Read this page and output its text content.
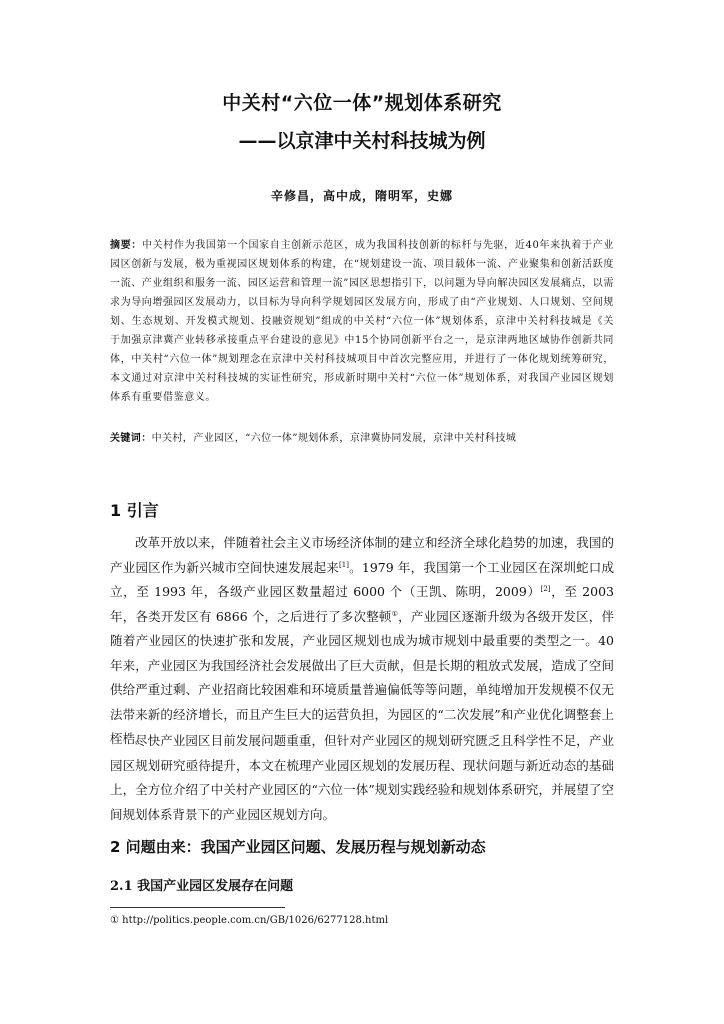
中关村“六位一体”规划体系研究
——以京津中关村科技城为例
辛修昌，高中成，隋明军，史娜
摘要：中关村作为我国第一个国家自主创新示范区，成为我国科技创新的标杆与先驱，近40年来执着于产业园区创新与发展，极为重视园区规划体系的构建，在“规划建设一流、项目载体一流、产业聚集和创新活跃度一流、产业组织和服务一流、园区运营和管理一流”园区思想指引下，以问题为导向解决园区发展痛点，以需求为导向增强园区发展动力，以目标为导向科学规划园区发展方向，形成了由“产业规划、人口规划、空间规划、生态规划、开发模式规划、投融资规划”组成的中关村“六位一体”规划体系，京津中关村科技城是《关于加强京津冀产业转移承接重点平台建设的意见》中15个协同创新平台之一，是京津两地区域协作创新共同体，中关村“六位一体”规划理念在京津中关村科技城项目中首次完整应用，并进行了一体化规划统筹研究，本文通过对京津中关村科技城的实证性研究，形成新时期中关村“六位一体”规划体系，对我国产业园区规划体系有重要借鉴意义。
关键词：中关村，产业园区，“六位一体”规划体系，京津冀协同发展，京津中关村科技城
1 引言

改革开放以来，伴随着社会主义市场经济体制的建立和经济全球化趋势的加速，我国的产业园区作为新兴城市空间快速发展起来[1]。1979 年，我国第一个工业园区在深圳蛇口成立，至 1993 年，各级产业园区数量超过 6000 个（王凯、陈明，2009）[2]，至 2003 年，各类开发区有 6866 个，之后进行了多次整顿①，产业园区逐渐升级为各级开发区，伴随着产业园区的快速扩张和发展，产业园区规划也成为城市规划中最重要的类型之一。40 年来，产业园区为我国经济社会发展做出了巨大贡献，但是长期的粗放式发展，造成了空间供给严重过剩、产业招商比较困难和环境质量普遍偏低等等问题，单纯增加开发规模不仅无法带来新的经济增长，而且产生巨大的运营负担，为园区的“二次发展”和产业优化调整套上桎梏。

尽快产业园区目前发展问题重重，但针对产业园区的规划研究匮乏且科学性不足，产业园区规划研究亟待提升，本文在梳理产业园区规划的发展历程、现状问题与新近动态的基础上，全方位介绍了中关村产业园区的“六位一体”规划实践经验和规划体系研究，并展望了空间规划体系背景下的产业园区规划方向。

2 问题由来：我国产业园区问题、发展历程与规划新动态
2.1 我国产业园区发展存在问题
① http://politics.people.com.cn/GB/1026/6277128.html
